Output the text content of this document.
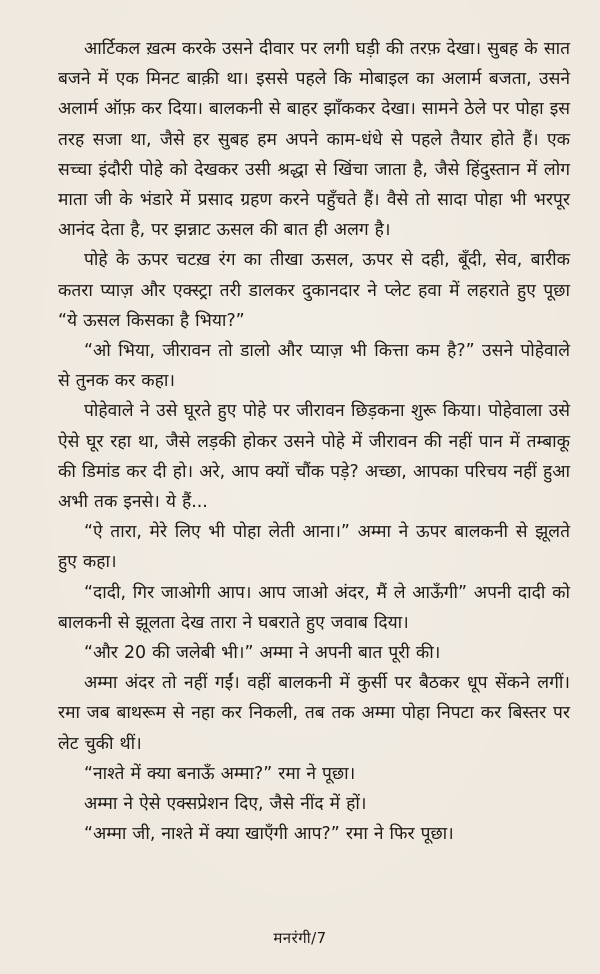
आर्टिकल ख़त्म करके उसने दीवार पर लगी घड़ी की तरफ़ देखा। सुबह के सात बजने में एक मिनट बाक़ी था। इससे पहले कि मोबाइल का अलार्म बजता, उसने अलार्म ऑफ़ कर दिया। बालकनी से बाहर झाँककर देखा। सामने ठेले पर पोहा इस तरह सजा था, जैसे हर सुबह हम अपने काम-धंधे से पहले तैयार होते हैं। एक सच्चा इंदौरी पोहे को देखकर उसी श्रद्धा से खिंचा जाता है, जैसे हिंदुस्तान में लोग माता जी के भंडारे में प्रसाद ग्रहण करने पहुँचते हैं। वैसे तो सादा पोहा भी भरपूर आनंद देता है, पर झन्नाट ऊसल की बात ही अलग है।

पोहे के ऊपर चटख़ रंग का तीखा ऊसल, ऊपर से दही, बूँदी, सेव, बारीक कतरा प्याज़ और एक्स्ट्रा तरी डालकर दुकानदार ने प्लेट हवा में लहराते हुए पूछा “ये ऊसल किसका है भिया?”

“ओ भिया, जीरावन तो डालो और प्याज़ भी कित्ता कम है?” उसने पोहेवाले से तुनक कर कहा।

पोहेवाले ने उसे घूरते हुए पोहे पर जीरावन छिड़कना शुरू किया। पोहेवाला उसे ऐसे घूर रहा था, जैसे लड़की होकर उसने पोहे में जीरावन की नहीं पान में तम्बाकू की डिमांड कर दी हो। अरे, आप क्यों चौंक पड़े? अच्छा, आपका परिचय नहीं हुआ अभी तक इनसे। ये हैं...

“ऐ तारा, मेरे लिए भी पोहा लेती आना।” अम्मा ने ऊपर बालकनी से झूलते हुए कहा।

“दादी, गिर जाओगी आप। आप जाओ अंदर, मैं ले आऊँगी” अपनी दादी को बालकनी से झूलता देख तारा ने घबराते हुए जवाब दिया।

“और 20 की जलेबी भी।” अम्मा ने अपनी बात पूरी की।

अम्मा अंदर तो नहीं गईं। वहीं बालकनी में कुर्सी पर बैठकर धूप सेंकने लगीं। रमा जब बाथरूम से नहा कर निकली, तब तक अम्मा पोहा निपटा कर बिस्तर पर लेट चुकी थीं।

“नाश्ते में क्या बनाऊँ अम्मा?” रमा ने पूछा।

अम्मा ने ऐसे एक्सप्रेशन दिए, जैसे नींद में हों।

“अम्मा जी, नाश्ते में क्या खाएँगी आप?” रमा ने फिर पूछा।

मनरंगी/7
